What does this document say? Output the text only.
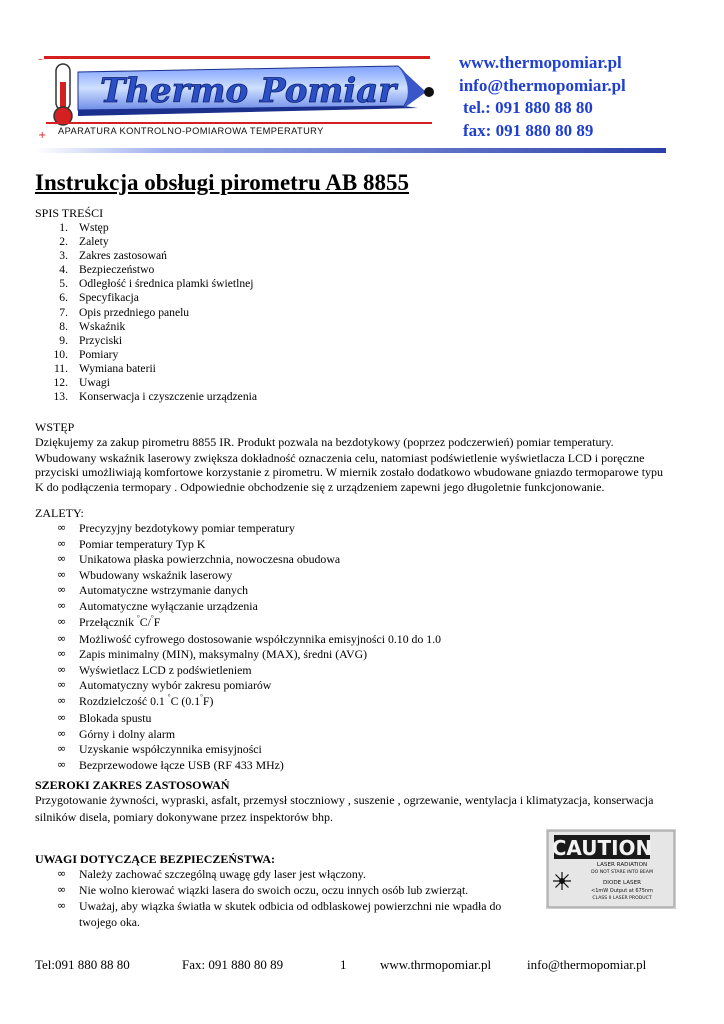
–
+
Thermo Pomiar
APARATURA KONTROLNO-POMIAROWA TEMPERATURY
www.thermopomiar.pl
info@thermopomiar.pl
tel.: 091 880 88 80
fax: 091 880 80 89
Instrukcja obsługi pirometru AB 8855
SPIS TREŚCI
1. Wstęp
2. Zalety
3. Zakres zastosowań
4. Bezpieczeństwo
5. Odległość i średnica plamki świetlnej
6. Specyfikacja
7. Opis przedniego panelu
8. Wskaźnik
9. Przyciski
10. Pomiary
11. Wymiana baterii
12. Uwagi
13. Konserwacja i czyszczenie urządzenia
WSTĘP
Dziękujemy za zakup pirometru 8855 IR. Produkt pozwala na bezdotykowy (poprzez podczerwień) pomiar temperatury.
Wbudowany wskaźnik laserowy zwiększa dokładność oznaczenia celu, natomiast podświetlenie wyświetlacza LCD i poręczne
przyciski umożliwiają komfortowe korzystanie z pirometru. W miernik zostało dodatkowo wbudowane gniazdo termoparowe typu
K do podłączenia termopary . Odpowiednie obchodzenie się z urządzeniem zapewni jego długoletnie funkcjonowanie.
ZALETY:
∞ Precyzyjny bezdotykowy pomiar temperatury
∞ Pomiar temperatury Typ K
∞ Unikatowa płaska powierzchnia, nowoczesna obudowa
∞ Wbudowany wskaźnik laserowy
∞ Automatyczne wstrzymanie danych
∞ Automatyczne wyłączanie urządzenia
∞ Przełącznik °C/°F
∞ Możliwość cyfrowego dostosowanie współczynnika emisyjności 0.10 do 1.0
∞ Zapis minimalny (MIN), maksymalny (MAX), średni (AVG)
∞ Wyświetlacz LCD z podświetleniem
∞ Automatyczny wybór zakresu pomiarów
∞ Rozdzielczość 0.1 °C (0.1°F)
∞ Blokada spustu
∞ Górny i dolny alarm
∞ Uzyskanie współczynnika emisyjności
∞ Bezprzewodowe łącze USB (RF 433 MHz)
SZEROKI ZAKRES ZASTOSOWAŃ
Przygotowanie żywności, wypraski, asfalt, przemysł stoczniowy , suszenie , ogrzewanie, wentylacja i klimatyzacja, konserwacja
silników disela, pomiary dokonywane przez inspektorów bhp.
UWAGI DOTYCZĄCE BEZPIECZEŃSTWA:
∞ Należy zachować szczególną uwagę gdy laser jest włączony.
∞ Nie wolno kierować wiązki lasera do swoich oczu, oczu innych osób lub zwierząt.
∞ Uważaj, aby wiązka światła w skutek odbicia od odblaskowej powierzchni nie wpadła do
twojego oka.
CAUTION
LASER RADIATION
DO NOT STARE INTO BEAM
DIODE LASER
<1mW Output at 675nm
CLASS II LASER PRODUCT
Tel:091 880 88 80	Fax: 091 880 80 89	1	www.thrmopomiar.pl	info@thermopomiar.pl
